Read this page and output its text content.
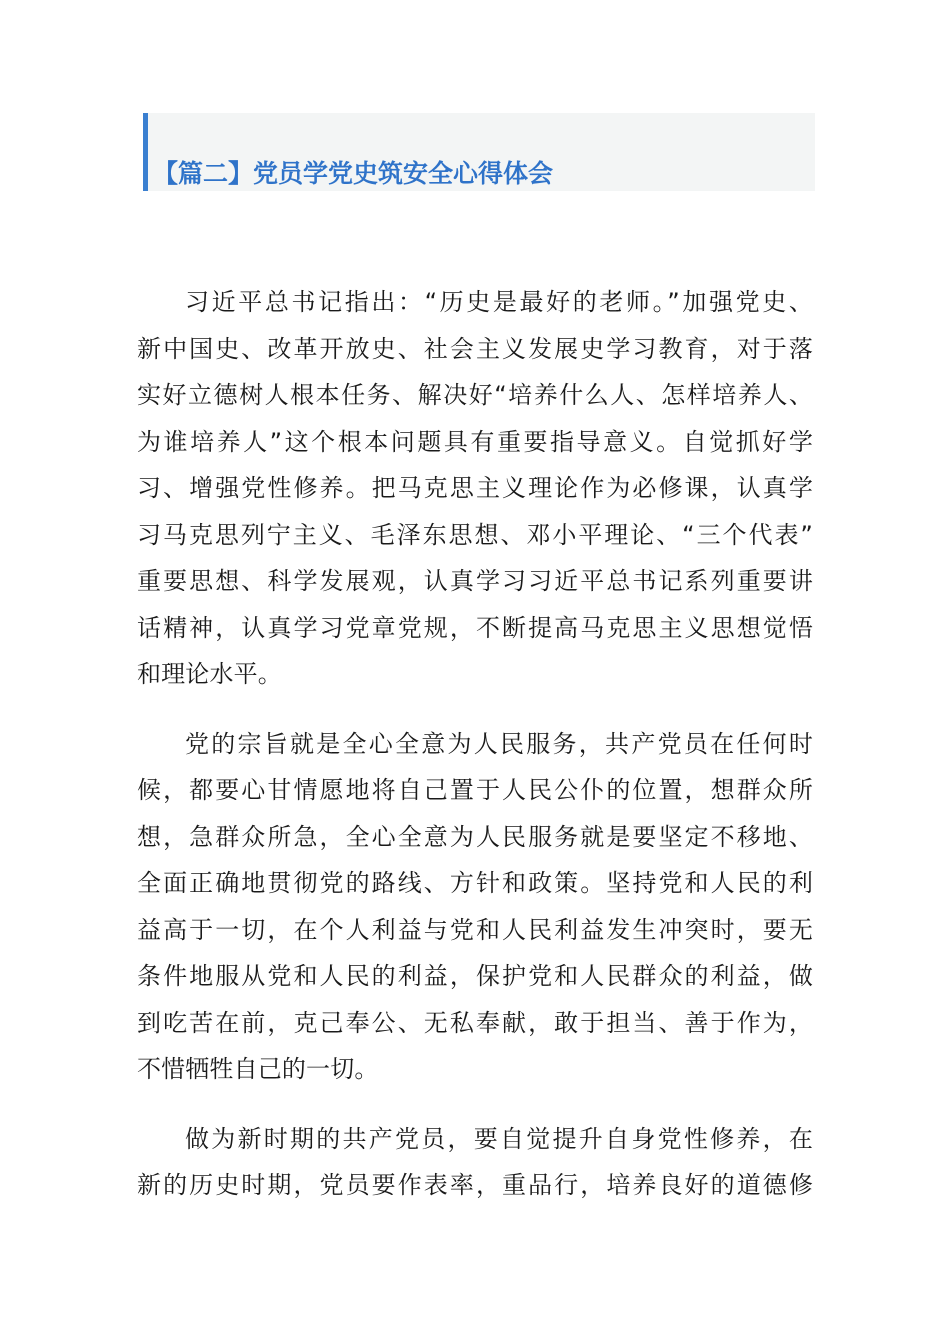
【篇二】党员学党史筑安全心得体会

习近平总书记指出：“历史是最好的老师。”加强党史、
新中国史、改革开放史、社会主义发展史学习教育，对于落
实好立德树人根本任务、解决好“培养什么人、怎样培养人、
为谁培养人”这个根本问题具有重要指导意义。自觉抓好学
习、增强党性修养。把马克思主义理论作为必修课，认真学
习马克思列宁主义、毛泽东思想、邓小平理论、“三个代表”
重要思想、科学发展观，认真学习习近平总书记系列重要讲
话精神，认真学习党章党规，不断提高马克思主义思想觉悟
和理论水平。

党的宗旨就是全心全意为人民服务，共产党员在任何时
候，都要心甘情愿地将自己置于人民公仆的位置，想群众所
想，急群众所急，全心全意为人民服务就是要坚定不移地、
全面正确地贯彻党的路线、方针和政策。坚持党和人民的利
益高于一切，在个人利益与党和人民利益发生冲突时，要无
条件地服从党和人民的利益，保护党和人民群众的利益，做
到吃苦在前，克己奉公、无私奉献，敢于担当、善于作为，
不惜牺牲自己的一切。

做为新时期的共产党员，要自觉提升自身党性修养，在
新的历史时期，党员要作表率，重品行，培养良好的道德修
